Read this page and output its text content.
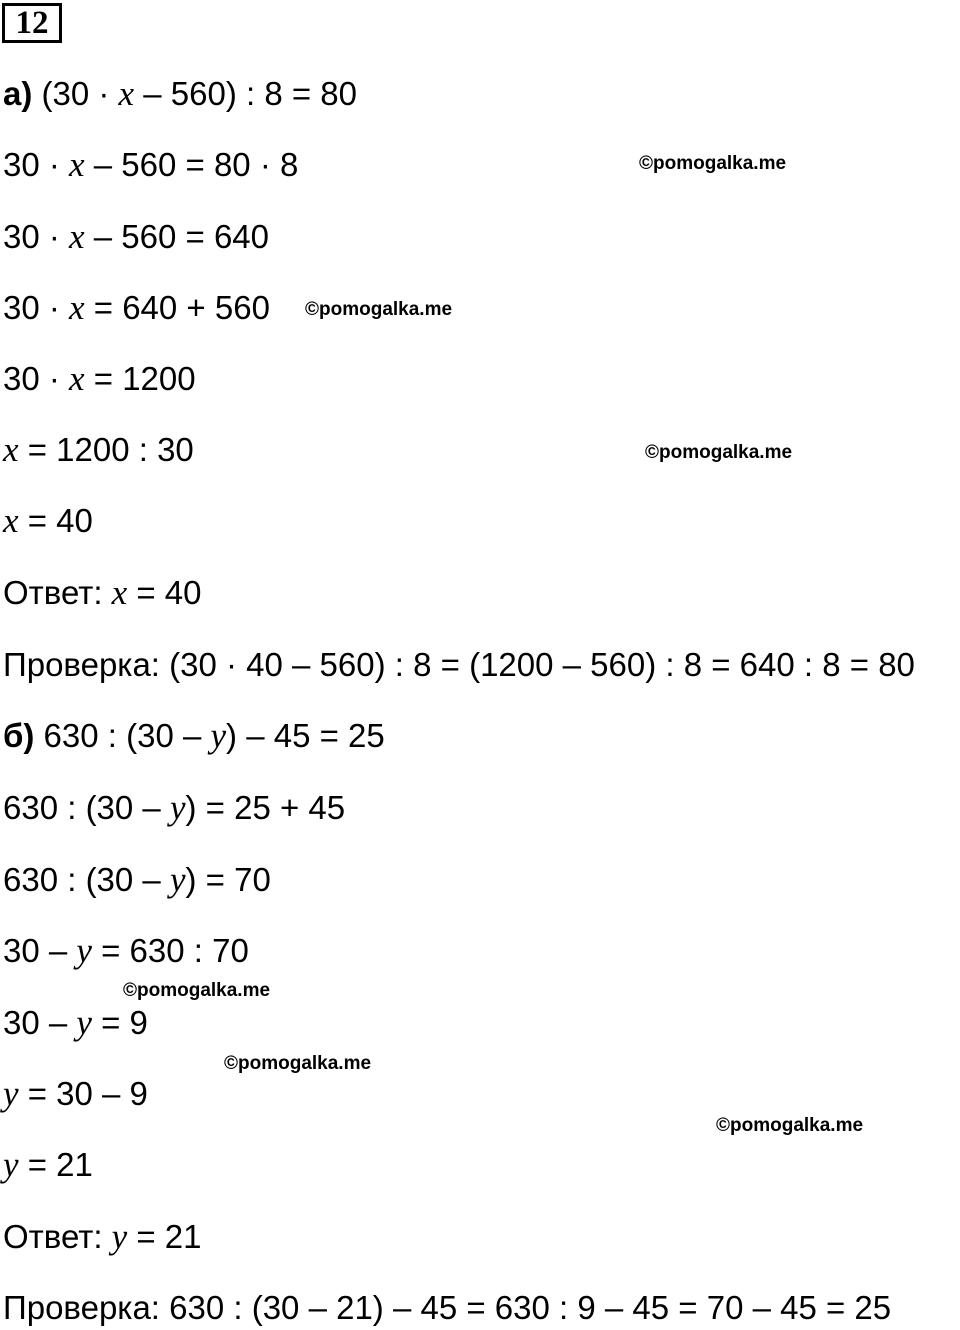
12
а) (30 · x – 560) : 8 = 80
30 · x – 560 = 80 · 8
30 · x – 560 = 640
30 · x = 640 + 560
30 · x = 1200
x = 1200 : 30
x = 40
Ответ: x = 40
Проверка: (30 · 40 – 560) : 8 = (1200 – 560) : 8 = 640 : 8 = 80
б) 630 : (30 – y) – 45 = 25
630 : (30 – y) = 25 + 45
630 : (30 – y) = 70
30 – y = 630 : 70
30 – y = 9
y = 30 – 9
y = 21
Ответ: y = 21
Проверка: 630 : (30 – 21) – 45 = 630 : 9 – 45 = 70 – 45 = 25
©pomogalka.me
©pomogalka.me
©pomogalka.me
©pomogalka.me
©pomogalka.me
©pomogalka.me
